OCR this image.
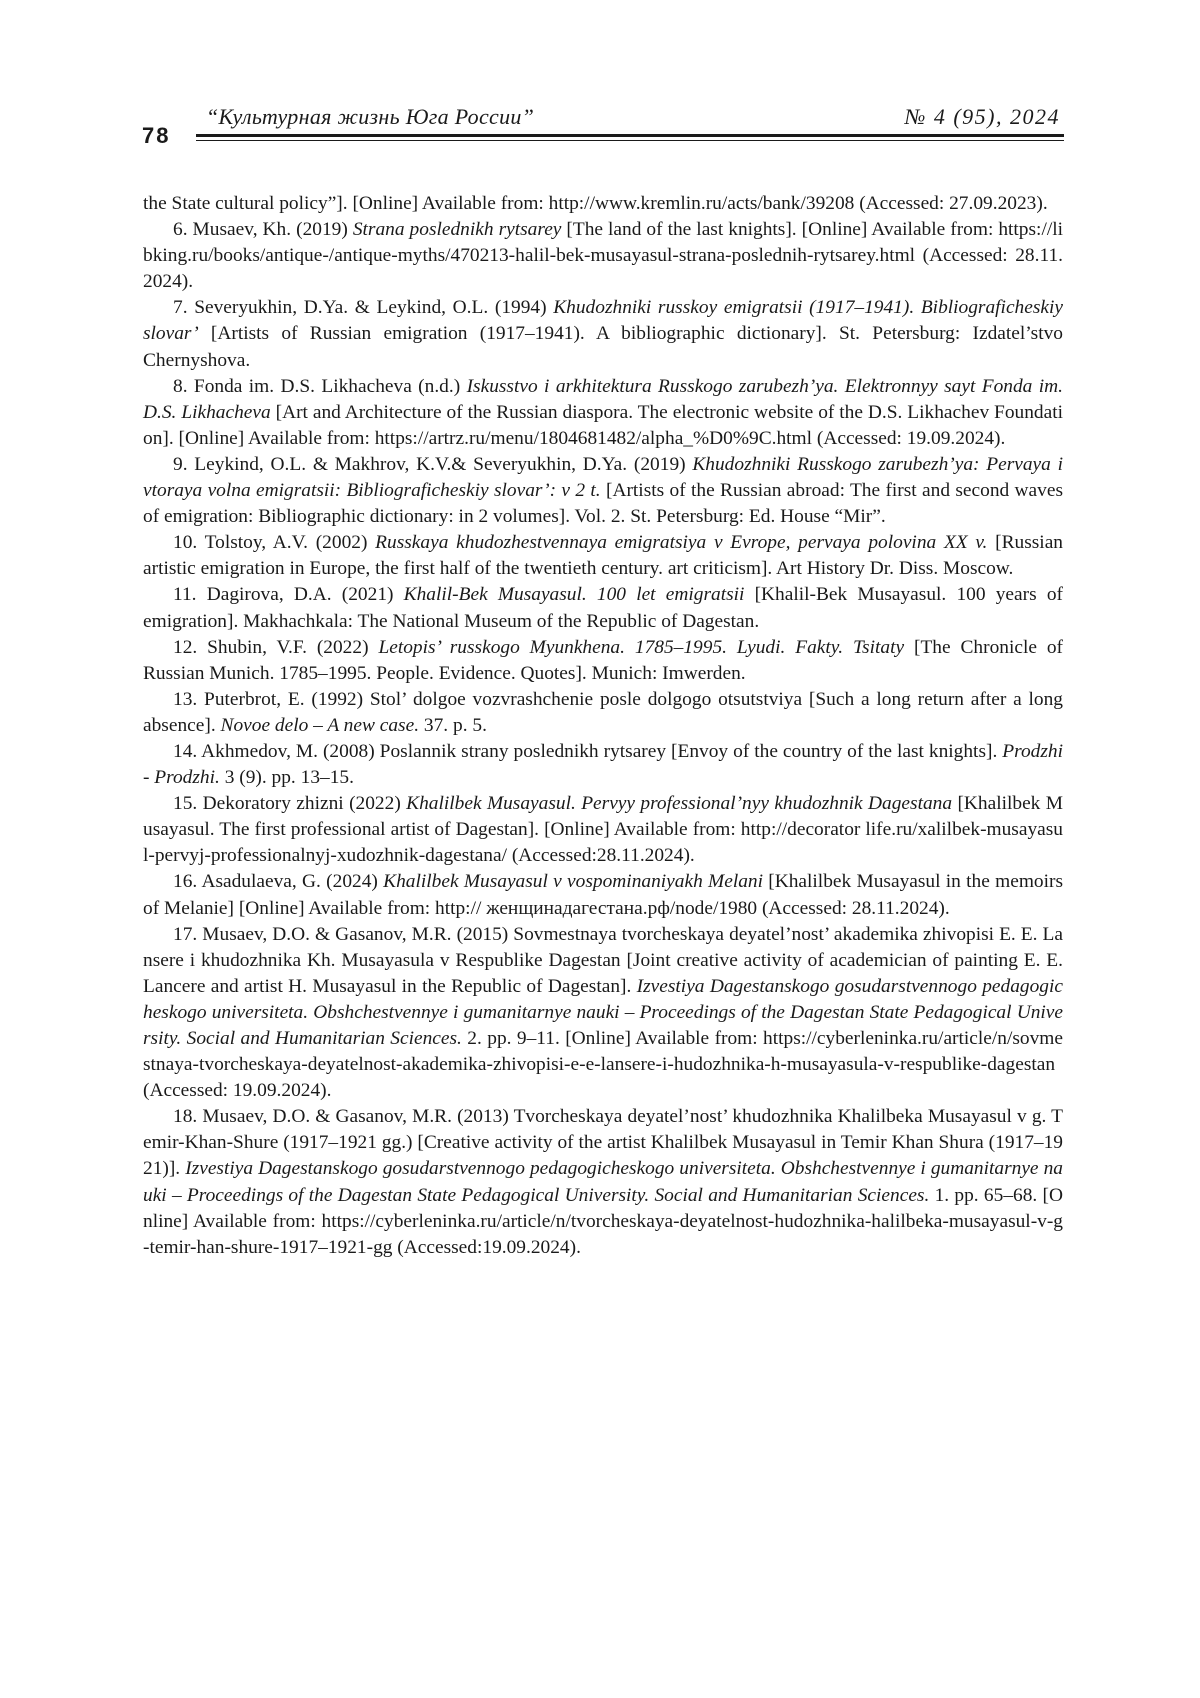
78
“Культурная жизнь Юга России”	№ 4 (95), 2024

the State cultural policy”]. [Online] Available from: http://www.kremlin.ru/acts/bank/39208 (Accessed: 27.09.2023).

6. Musaev, Kh. (2019) Strana poslednikh rytsarey [The land of the last knights]. [Online] Available from: https://libking.ru/books/antique-/antique-myths/470213-halil-bek-musayasul-strana-poslednih-rytsarey.html (Accessed: 28.11.2024).

7. Severyukhin, D.Ya. & Leykind, O.L. (1994) Khudozhniki russkoy emigratsii (1917–1941). Bibliograficheskiy slovar’ [Artists of Russian emigration (1917–1941). A bibliographic dictionary]. St. Petersburg: Izdatel’stvo Chernyshova.

8. Fonda im. D.S. Likhacheva (n.d.) Iskusstvo i arkhitektura Russkogo zarubezh’ya. Elektronnyy sayt Fonda im. D.S. Likhacheva [Art and Architecture of the Russian diaspora. The electronic website of the D.S. Likhachev Foundation]. [Online] Available from: https://artrz.ru/menu/1804681482/alpha_%D0%9C.html (Accessed: 19.09.2024).

9. Leykind, O.L. & Makhrov, K.V.& Severyukhin, D.Ya. (2019) Khudozhniki Russkogo zarubezh’ya: Pervaya i vtoraya volna emigratsii: Bibliograficheskiy slovar’: v 2 t. [Artists of the Russian abroad: The first and second waves of emigration: Bibliographic dictionary: in 2 volumes]. Vol. 2. St. Petersburg: Ed. House “Mir”.

10. Tolstoy, A.V. (2002) Russkaya khudozhestvennaya emigratsiya v Evrope, pervaya polovina XX v. [Russian artistic emigration in Europe, the first half of the twentieth century. art criticism]. Art History Dr. Diss. Moscow.

11. Dagirova, D.A. (2021) Khalil-Bek Musayasul. 100 let emigratsii [Khalil-Bek Musayasul. 100 years of emigration]. Makhachkala: The National Museum of the Republic of Dagestan.

12. Shubin, V.F. (2022) Letopis’ russkogo Myunkhena. 1785–1995. Lyudi. Fakty. Tsitaty [The Chronicle of Russian Munich. 1785–1995. People. Evidence. Quotes]. Munich: Imwerden.

13. Puterbrot, E. (1992) Stol’ dolgoe vozvrashchenie posle dolgogo otsutstviya [Such a long return after a long absence]. Novoe delo – A new case. 37. p. 5.

14. Akhmedov, M. (2008) Poslannik strany poslednikh rytsarey [Envoy of the country of the last knights]. Prodzhi - Prodzhi. 3 (9). pp. 13–15.

15. Dekoratory zhizni (2022) Khalilbek Musayasul. Pervyy professional’nyy khudozhnik Dagestana [Khalilbek Musayasul. The first professional artist of Dagestan]. [Online] Available from: http://decorator life.ru/xalilbek-musayasul-pervyj-professionalnyj-xudozhnik-dagestana/ (Accessed:28.11.2024).

16. Asadulaeva, G. (2024) Khalilbek Musayasul v vospominaniyakh Melani [Khalilbek Musayasul in the memoirs of Melanie] [Online] Available from: http:// женщинадагестана.рф/node/1980 (Accessed: 28.11.2024).

17. Musaev, D.O. & Gasanov, M.R. (2015) Sovmestnaya tvorcheskaya deyatel’nost’ akademika zhivopisi E. E. Lansere i khudozhnika Kh. Musayasula v Respublike Dagestan [Joint creative activity of academician of painting E. E. Lancere and artist H. Musayasul in the Republic of Dagestan]. Izvestiya Dagestanskogo gosudarstvennogo pedagogicheskogo universiteta. Obshchestvennye i gumanitarnye nauki – Proceedings of the Dagestan State Pedagogical University. Social and Humanitarian Sciences. 2. pp. 9–11. [Online] Available from: https://cyberleninka.ru/article/n/sovmestnaya-tvorcheskaya-deyatelnost-akademika-zhivopisi-e-e-lansere-i-hudozhnika-h-musayasula-v-respublike-dagestan (Accessed: 19.09.2024).

18. Musaev, D.O. & Gasanov, M.R. (2013) Tvorcheskaya deyatel’nost’ khudozhnika Khalilbeka Musayasul v g. Temir-Khan-Shure (1917–1921 gg.) [Creative activity of the artist Khalilbek Musayasul in Temir Khan Shura (1917–1921)]. Izvestiya Dagestanskogo gosudarstvennogo pedagogicheskogo universiteta. Obshchestvennye i gumanitarnye nauki – Proceedings of the Dagestan State Pedagogical University. Social and Humanitarian Sciences. 1. pp. 65–68. [Online] Available from: https://cyberleninka.ru/article/n/tvorcheskaya-deyatelnost-hudozhnika-halilbeka-musayasul-v-g-temir-han-shure-1917–1921-gg (Accessed:19.09.2024).
